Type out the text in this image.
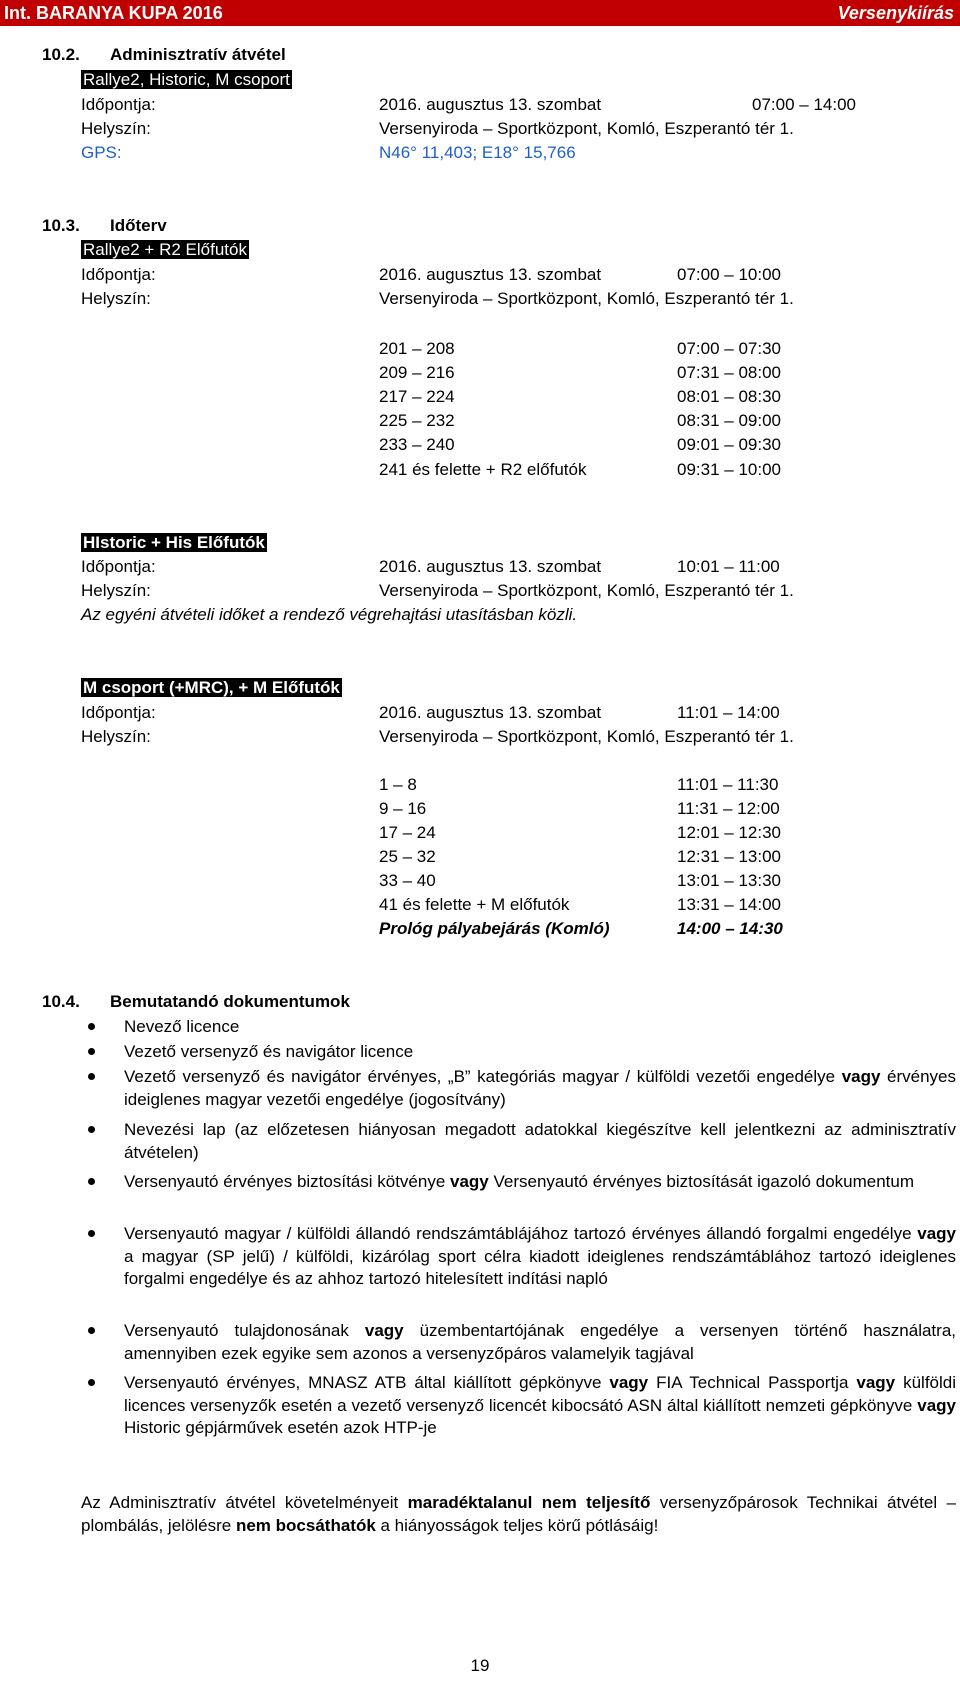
Int. BARANYA KUPA 2016	Versenykiírás
10.2. Adminisztratív átvétel
Rallye2, Historic, M csoport
Időpontja:	2016. augusztus 13. szombat	07:00 – 14:00
Helyszín:	Versenyiroda – Sportközpont, Komló, Eszperantó tér 1.
GPS:	N46° 11,403; E18° 15,766
10.3. Időterv
Rallye2 + R2 Előfutók
Időpontja:	2016. augusztus 13. szombat	07:00 – 10:00
Helyszín:	Versenyiroda – Sportközpont, Komló, Eszperantó tér 1.
201 – 208	07:00 – 07:30
209 – 216	07:31 – 08:00
217 – 224	08:01 – 08:30
225 – 232	08:31 – 09:00
233 – 240	09:01 – 09:30
241 és felette + R2 előfutók	09:31 – 10:00
HIstoric + His Előfutók
Időpontja:	2016. augusztus 13. szombat	10:01 – 11:00
Helyszín:	Versenyiroda – Sportközpont, Komló, Eszperantó tér 1.
Az egyéni átvételi időket a rendező végrehajtási utasításban közli.
M csoport (+MRC), + M Előfutók
Időpontja:	2016. augusztus 13. szombat	11:01 – 14:00
Helyszín:	Versenyiroda – Sportközpont, Komló, Eszperantó tér 1.
1 – 8	11:01 – 11:30
9 – 16	11:31 – 12:00
17 – 24	12:01 – 12:30
25 – 32	12:31 – 13:00
33 – 40	13:01 – 13:30
41 és felette + M előfutók	13:31 – 14:00
Prológ pályabejárás (Komló)	14:00 – 14:30
10.4. Bemutatandó dokumentumok
Nevező licence
Vezető versenyző és navigátor licence
Vezető versenyző és navigátor érvényes, „B” kategóriás magyar / külföldi vezetői engedélye vagy érvényes ideiglenes magyar vezetői engedélye (jogosítvány)
Nevezési lap (az előzetesen hiányosan megadott adatokkal kiegészítve kell jelentkezni az adminisztratív átvételen)
Versenyautó érvényes biztosítási kötvénye vagy Versenyautó érvényes biztosítását igazoló dokumentum
Versenyautó magyar / külföldi állandó rendszámtáblájához tartozó érvényes állandó forgalmi engedélye vagy a magyar (SP jelű) / külföldi, kizárólag sport célra kiadott ideiglenes rendszámtáblához tartozó ideiglenes forgalmi engedélye és az ahhoz tartozó hitelesített indítási napló
Versenyautó tulajdonosának vagy üzembentartójának engedélye a versenyen történő használatra, amennyiben ezek egyike sem azonos a versenyzőpáros valamelyik tagjával
Versenyautó érvényes, MNASZ ATB által kiállított gépkönyve vagy FIA Technical Passportja vagy külföldi licences versenyzők esetén a vezető versenyző licencét kibocsátó ASN által kiállított nemzeti gépkönyve vagy Historic gépjárművek esetén azok HTP-je
Az Adminisztratív átvétel követelményeit maradéktalanul nem teljesítő versenyzőpárosok Technikai átvétel – plombálás, jelölésre nem bocsáthatók a hiányosságok teljes körű pótlásáig!
19
